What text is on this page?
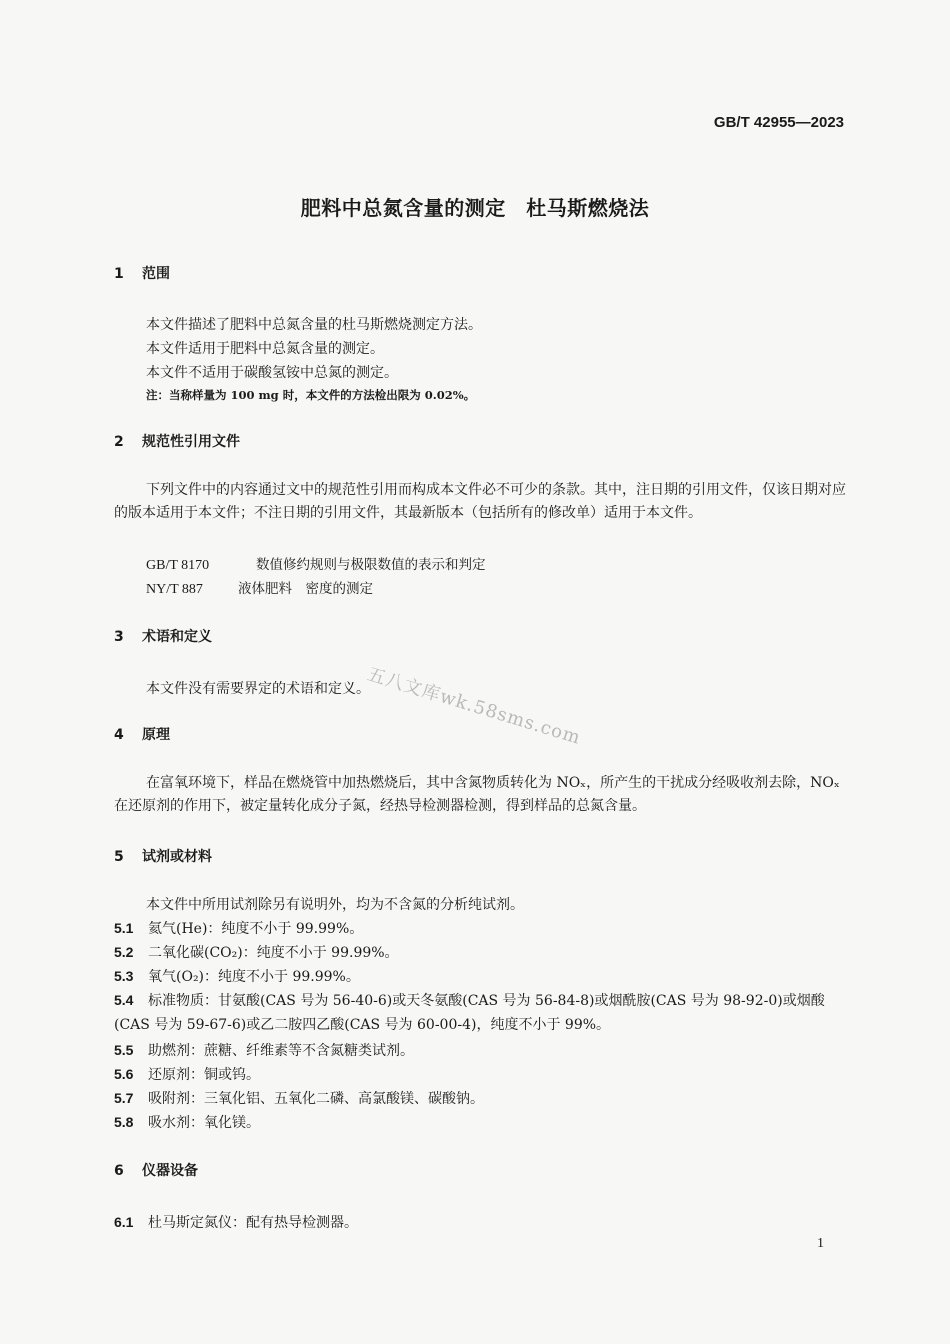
GB/T 42955—2023
肥料中总氮含量的测定　杜马斯燃烧法
1 范围
本文件描述了肥料中总氮含量的杜马斯燃烧测定方法。
本文件适用于肥料中总氮含量的测定。
本文件不适用于碳酸氢铵中总氮的测定。
注：当称样量为 100 mg 时，本文件的方法检出限为 0.02%。
2 规范性引用文件
下列文件中的内容通过文中的规范性引用而构成本文件必不可少的条款。其中，注日期的引用文件，仅该日期对应的版本适用于本文件；不注日期的引用文件，其最新版本（包括所有的修改单）适用于本文件。
GB/T 8170	数值修约规则与极限数值的表示和判定
NY/T 887	液体肥料　密度的测定
3 术语和定义
本文件没有需要界定的术语和定义。
4 原理
在富氧环境下，样品在燃烧管中加热燃烧后，其中含氮物质转化为 NOₓ，所产生的干扰成分经吸收剂去除，NOₓ 在还原剂的作用下，被定量转化成分子氮，经热导检测器检测，得到样品的总氮含量。
5 试剂或材料
本文件中所用试剂除另有说明外，均为不含氮的分析纯试剂。
5.1 氦气(He)：纯度不小于 99.99%。
5.2 二氧化碳(CO₂)：纯度不小于 99.99%。
5.3 氧气(O₂)：纯度不小于 99.99%。
5.4 标准物质：甘氨酸(CAS 号为 56-40-6)或天冬氨酸(CAS 号为 56-84-8)或烟酰胺(CAS 号为 98-92-0)或烟酸(CAS 号为 59-67-6)或乙二胺四乙酸(CAS 号为 60-00-4)，纯度不小于 99%。
5.5 助燃剂：蔗糖、纤维素等不含氮糖类试剂。
5.6 还原剂：铜或钨。
5.7 吸附剂：三氧化铝、五氧化二磷、高氯酸镁、碳酸钠。
5.8 吸水剂：氧化镁。
6 仪器设备
6.1 杜马斯定氮仪：配有热导检测器。
五八文库wk.58sms.com
1
